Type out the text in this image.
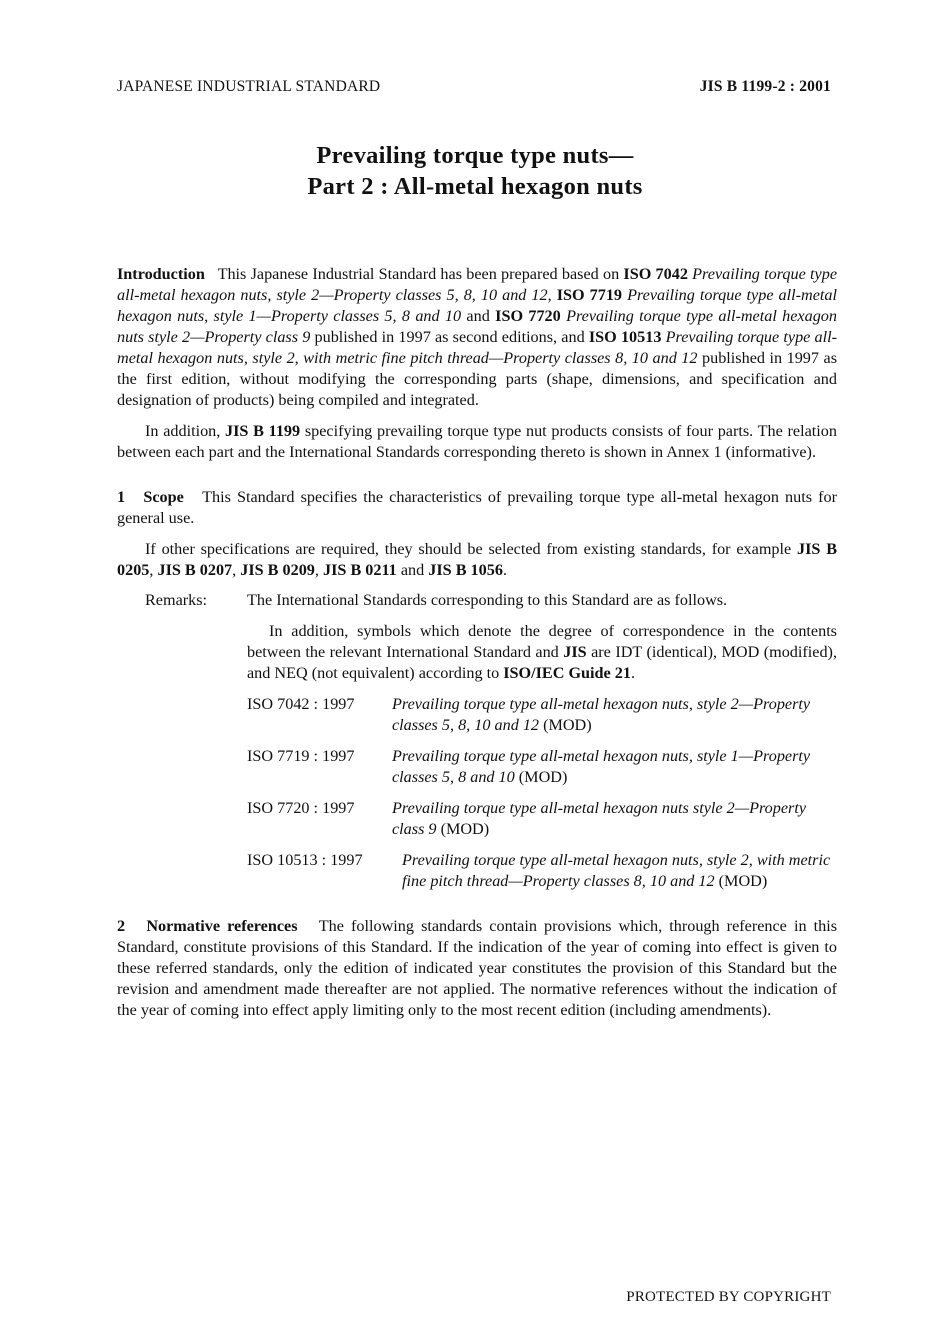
JAPANESE INDUSTRIAL STANDARD	JIS B 1199-2 : 2001
Prevailing torque type nuts—
Part 2 : All-metal hexagon nuts

Introduction This Japanese Industrial Standard has been prepared based on ISO 7042 Prevailing torque type all-metal hexagon nuts, style 2—Property classes 5, 8, 10 and 12, ISO 7719 Prevailing torque type all-metal hexagon nuts, style 1—Property classes 5, 8 and 10 and ISO 7720 Prevailing torque type all-metal hexagon nuts style 2—Property class 9 published in 1997 as second editions, and ISO 10513 Prevailing torque type all-metal hexagon nuts, style 2, with metric fine pitch thread—Property classes 8, 10 and 12 published in 1997 as the first edition, without modifying the corresponding parts (shape, dimensions, and specification and designation of products) being compiled and integrated.

In addition, JIS B 1199 specifying prevailing torque type nut products consists of four parts. The relation between each part and the International Standards corresponding thereto is shown in Annex 1 (informative).

1 Scope This Standard specifies the characteristics of prevailing torque type all-metal hexagon nuts for general use.

If other specifications are required, they should be selected from existing standards, for example JIS B 0205, JIS B 0207, JIS B 0209, JIS B 0211 and JIS B 1056.

Remarks:	The International Standards corresponding to this Standard are as follows.

In addition, symbols which denote the degree of correspondence in the contents between the relevant International Standard and JIS are IDT (identical), MOD (modified), and NEQ (not equivalent) according to ISO/IEC Guide 21.

ISO 7042 : 1997	Prevailing torque type all-metal hexagon nuts, style 2—Property classes 5, 8, 10 and 12 (MOD)
ISO 7719 : 1997	Prevailing torque type all-metal hexagon nuts, style 1—Property classes 5, 8 and 10 (MOD)
ISO 7720 : 1997	Prevailing torque type all-metal hexagon nuts style 2—Property class 9 (MOD)
ISO 10513 : 1997	Prevailing torque type all-metal hexagon nuts, style 2, with metric fine pitch thread—Property classes 8, 10 and 12 (MOD)

2 Normative references The following standards contain provisions which, through reference in this Standard, constitute provisions of this Standard. If the indication of the year of coming into effect is given to these referred standards, only the edition of indicated year constitutes the provision of this Standard but the revision and amendment made thereafter are not applied. The normative references without the indication of the year of coming into effect apply limiting only to the most recent edition (including amendments).

PROTECTED BY COPYRIGHT
